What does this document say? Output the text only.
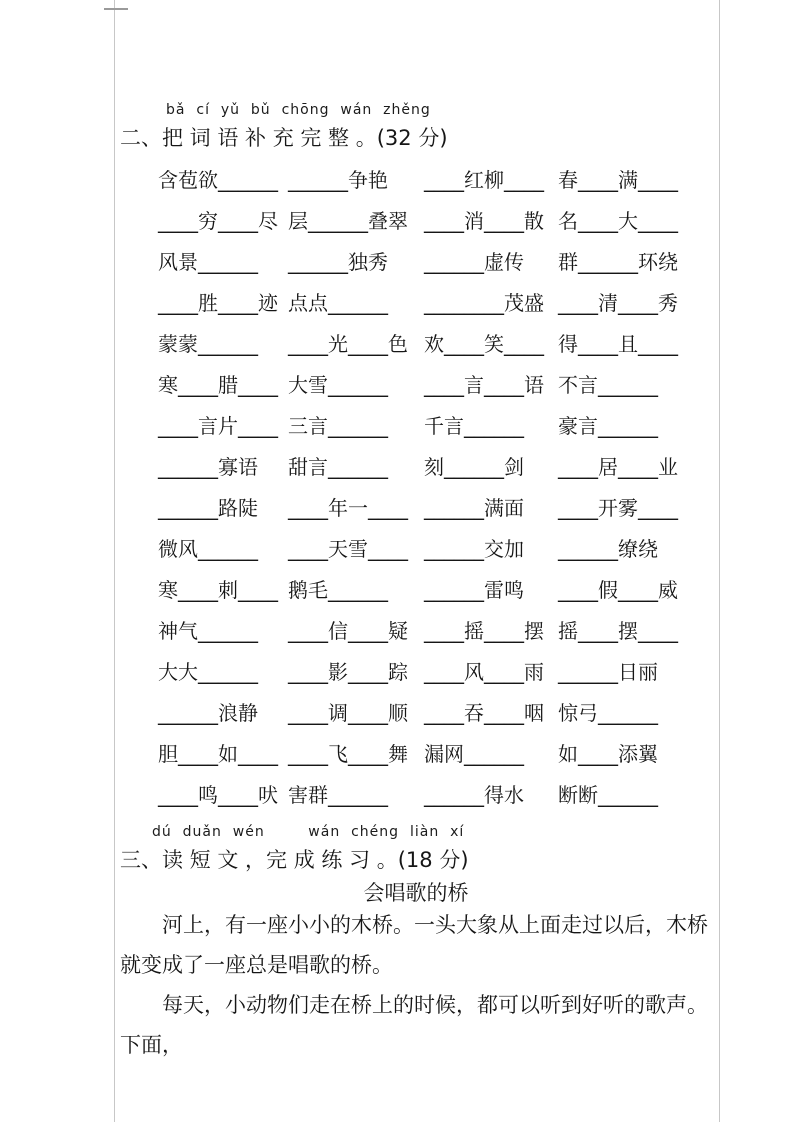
bǎ  cí  yǔ  bǔ  chōng  wán  zhěng
二、把 词 语 补 充 完 整 。(32 分)
含苞欲______ ______争艳	____红柳____ 春____满____
____穷____尽 层______叠翠 ____消____散 名____大____
风景______	______独秀	______虚传	群______环绕
____胜____迹 点点______	________茂盛 ____清____秀
蒙蒙______	____光____色 欢____笑____ 得____且____
寒____腊____ 大雪______	____言____语 不言______
____言片____ 三言______	千言______	豪言______
______寡语	甜言______	刻______剑	____居____业
______路陡	____年一____ ______满面	____开雾____
微风______	____天雪____ ______交加	______缭绕
寒____刺____ 鹅毛______	______雷鸣	____假____威
神气______	____信____疑 ____摇____摆 摇____摆____
大大______	____影____踪 ____风____雨 ______日丽
______浪静	____调____顺 ____吞____咽 惊弓______
胆____如____ ____飞____舞 漏网______	如____添翼
____鸣____吠 害群______	______得水	断断______
dú  duǎn  wén        wán  chéng  liàn  xí
三、读 短 文 ，完 成 练 习 。(18 分)
会唱歌的桥

河上，有一座小小的木桥。一头大象从上面走过以后，木桥就变成了一座总是唱歌的桥。

每天，小动物们走在桥上的时候，都可以听到好听的歌声。下面，
